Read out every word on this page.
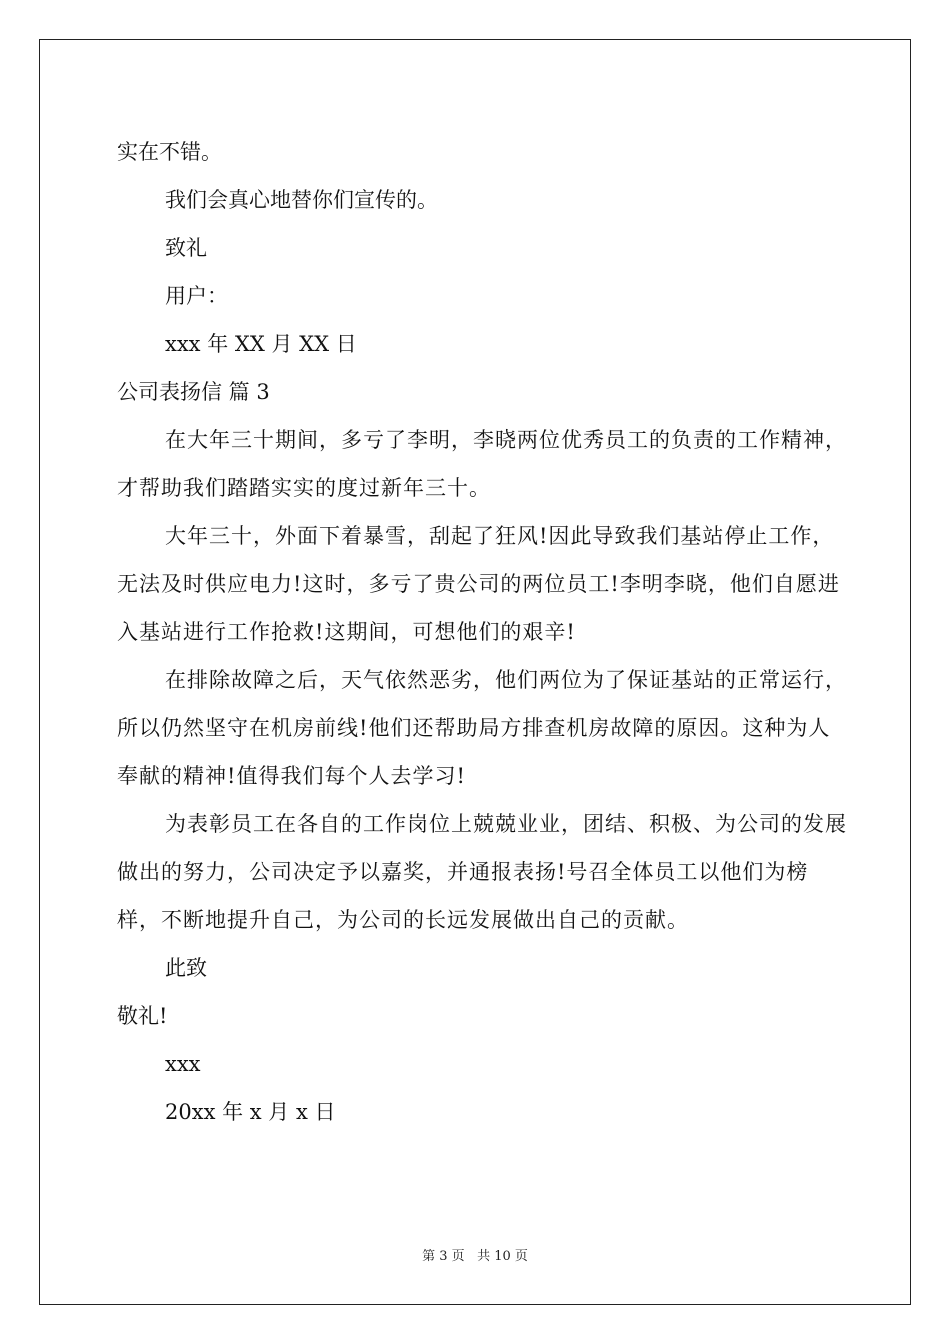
实在不错。

我们会真心地替你们宣传的。

致礼

用户：

xxx 年 XX 月 XX 日

公司表扬信 篇 3

在大年三十期间，多亏了李明，李晓两位优秀员工的负责的工作精神，才帮助我们踏踏实实的度过新年三十。

大年三十，外面下着暴雪，刮起了狂风!因此导致我们基站停止工作，无法及时供应电力!这时，多亏了贵公司的两位员工!李明李晓，他们自愿进入基站进行工作抢救!这期间，可想他们的艰辛!

在排除故障之后，天气依然恶劣，他们两位为了保证基站的正常运行，所以仍然坚守在机房前线!他们还帮助局方排查机房故障的原因。这种为人奉献的精神!值得我们每个人去学习!

为表彰员工在各自的工作岗位上兢兢业业，团结、积极、为公司的发展做出的努力，公司决定予以嘉奖，并通报表扬!号召全体员工以他们为榜样，不断地提升自己，为公司的长远发展做出自己的贡献。

此致

敬礼!

xxx

20xx 年 x 月 x 日

第 3 页 共 10 页
